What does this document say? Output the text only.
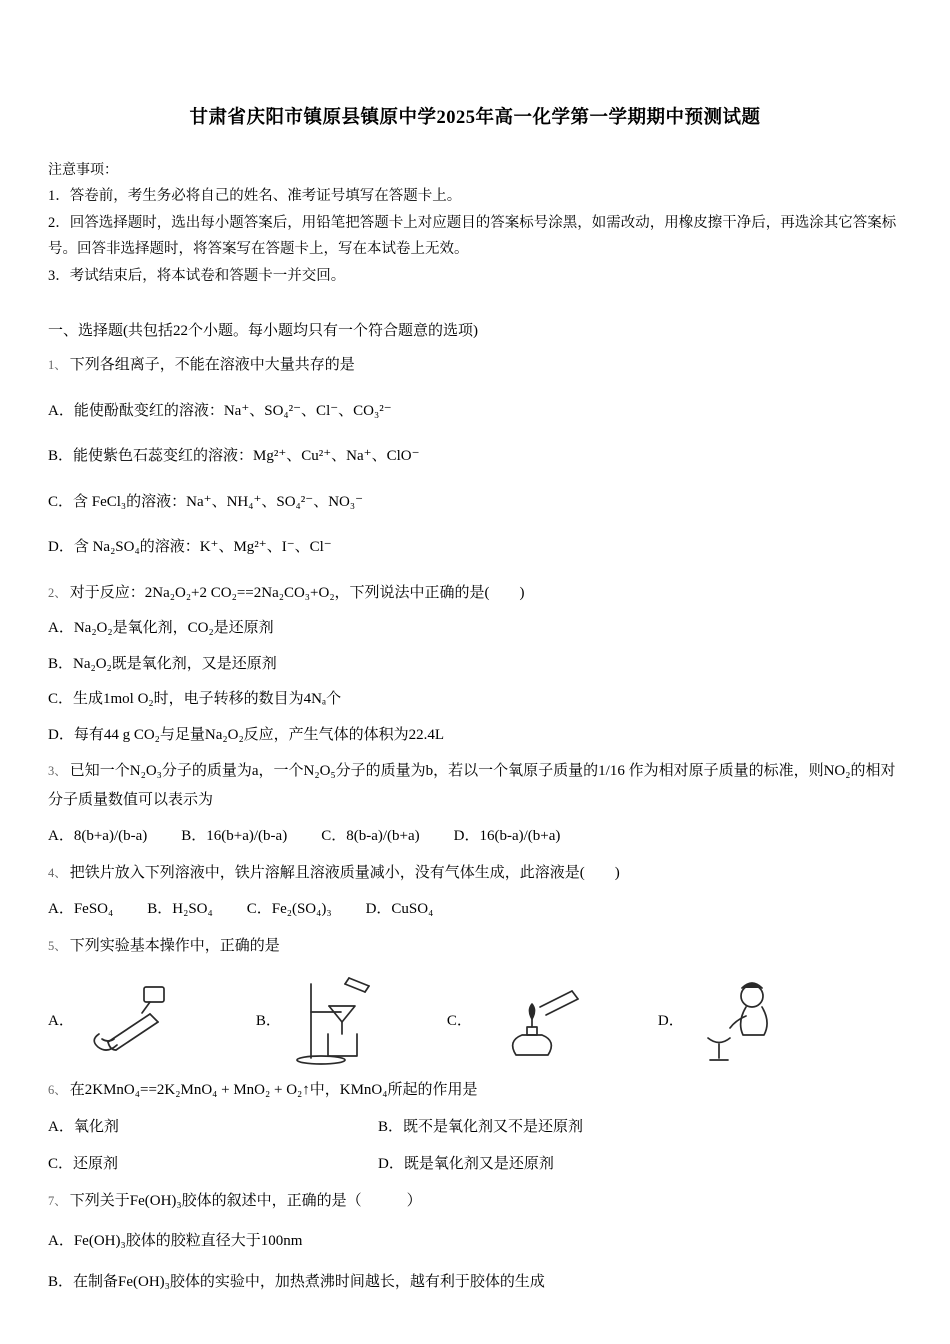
甘肃省庆阳市镇原县镇原中学2025年高一化学第一学期期中预测试题
注意事项：
1．答卷前，考生务必将自己的姓名、准考证号填写在答题卡上。
2．回答选择题时，选出每小题答案后，用铅笔把答题卡上对应题目的答案标号涂黑，如需改动，用橡皮擦干净后，再选涂其它答案标号。回答非选择题时，将答案写在答题卡上，写在本试卷上无效。
3．考试结束后，将本试卷和答题卡一并交回。
一、选择题(共包括22个小题。每小题均只有一个符合题意的选项)
1、 下列各组离子，不能在溶液中大量共存的是
A．能使酚酞变红的溶液：Na⁺、SO₄²⁻、Cl⁻、CO₃²⁻
B．能使紫色石蕊变红的溶液：Mg²⁺、Cu²⁺、Na⁺、ClO⁻
C．含 FeCl₃的溶液：Na⁺、NH₄⁺、SO₄²⁻、NO₃⁻
D．含 Na₂SO₄的溶液：K⁺、Mg²⁺、I⁻、Cl⁻
2、 对于反应：2Na₂O₂+2 CO₂==2Na₂CO₃+O₂，下列说法中正确的是(　　)
A．Na₂O₂是氧化剂，CO₂是还原剂
B．Na₂O₂既是氧化剂，又是还原剂
C．生成1mol O₂时，电子转移的数目为4Nₐ个
D．每有44 g CO₂与足量Na₂O₂反应，产生气体的体积为22.4L
3、 已知一个N₂O₃分子的质量为a，一个N₂O₅分子的质量为b，若以一个氧原子质量的1/16 作为相对原子质量的标准，则NO₂的相对分子质量数值可以表示为
A．8(b+a)/(b-a) B．16(b+a)/(b-a) C．8(b-a)/(b+a) D．16(b-a)/(b+a)
4、 把铁片放入下列溶液中，铁片溶解且溶液质量减小，没有气体生成，此溶液是(　　)
A．FeSO₄ B．H₂SO₄ C．Fe₂(SO₄)₃ D．CuSO₄
5、 下列实验基本操作中，正确的是
A．	B．	C．	D．
6、 在2KMnO₄==2K₂MnO₄ + MnO₂ + O₂↑中，KMnO₄所起的作用是
A．氧化剂	B．既不是氧化剂又不是还原剂
C．还原剂	D．既是氧化剂又是还原剂
7、 下列关于Fe(OH)₃胶体的叙述中，正确的是（　　　）
A．Fe(OH)₃胶体的胶粒直径大于100nm
B．在制备Fe(OH)₃胶体的实验中，加热煮沸时间越长，越有利于胶体的生成
